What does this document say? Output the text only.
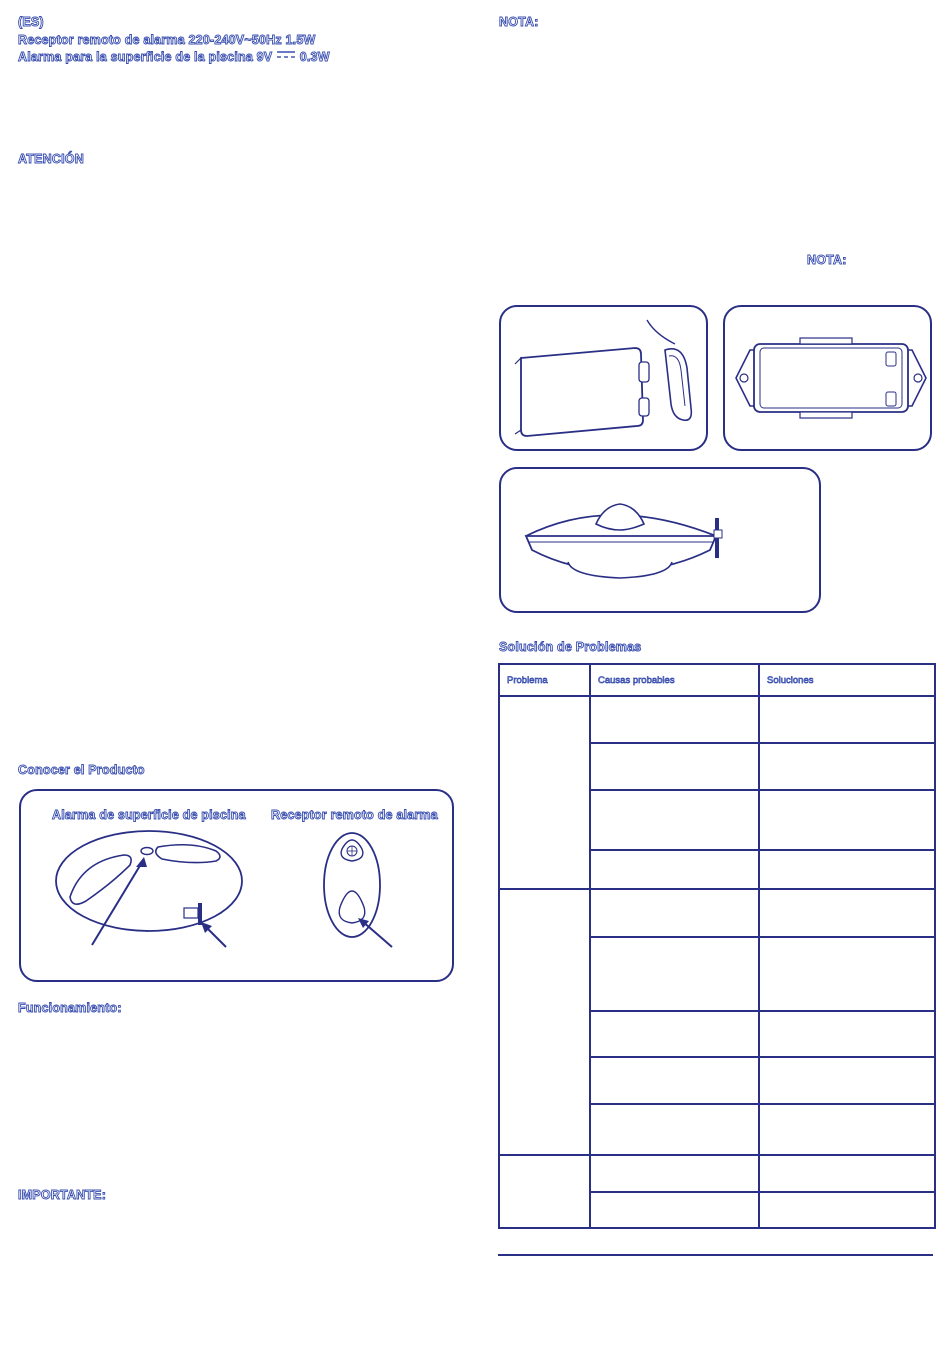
(ES)

Receptor remoto de alarma 220-240V~50Hz 1.5W

Alarma para la superficie de la piscina 9V 0.3W

ATENCIÓN

Conocer el Producto

Alarma de superficie de piscina Receptor remoto de alarma

Funcionamiento:

IMPORTANTE:

NOTA:

NOTA:

Solución de Problemas

Problema	Causas probables	Soluciones
